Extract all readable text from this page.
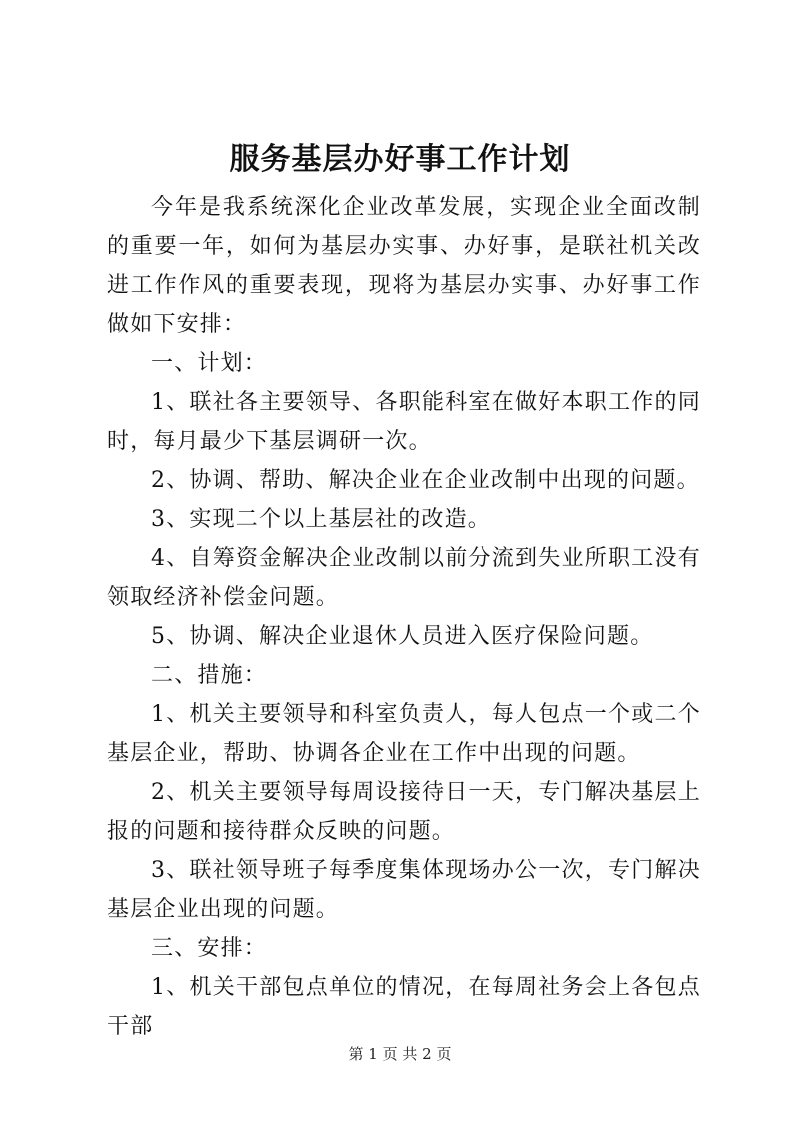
服务基层办好事工作计划

今年是我系统深化企业改革发展，实现企业全面改制的重要一年，如何为基层办实事、办好事，是联社机关改进工作作风的重要表现，现将为基层办实事、办好事工作做如下安排：

一、计划：

1、联社各主要领导、各职能科室在做好本职工作的同时，每月最少下基层调研一次。

2、协调、帮助、解决企业在企业改制中出现的问题。

3、实现二个以上基层社的改造。

4、自筹资金解决企业改制以前分流到失业所职工没有领取经济补偿金问题。

5、协调、解决企业退休人员进入医疗保险问题。

二、措施：

1、机关主要领导和科室负责人，每人包点一个或二个基层企业，帮助、协调各企业在工作中出现的问题。

2、机关主要领导每周设接待日一天，专门解决基层上报的问题和接待群众反映的问题。

3、联社领导班子每季度集体现场办公一次，专门解决基层企业出现的问题。

三、安排：

1、机关干部包点单位的情况，在每周社务会上各包点干部

第 1 页 共 2 页
